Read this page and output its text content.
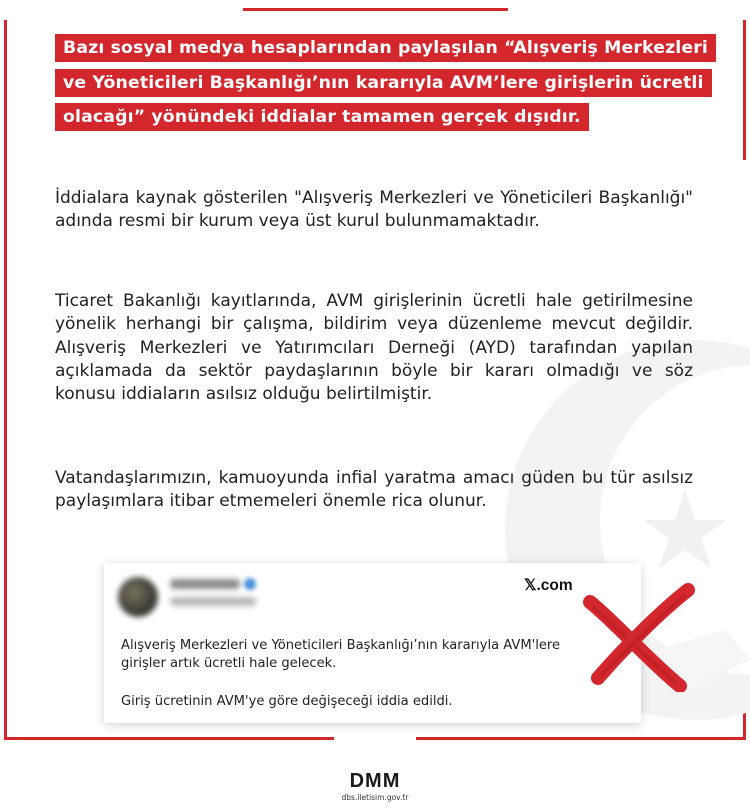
Bazı sosyal medya hesaplarından paylaşılan “Alışveriş Merkezleri ve Yöneticileri Başkanlığı’nın kararıyla AVM’lere girişlerin ücretli olacağı” yönündeki iddialar tamamen gerçek dışıdır.
İddialara kaynak gösterilen "Alışveriş Merkezleri ve Yöneticileri Başkanlığı" adında resmi bir kurum veya üst kurul bulunmamaktadır.
Ticaret Bakanlığı kayıtlarında, AVM girişlerinin ücretli hale getirilmesine yönelik herhangi bir çalışma, bildirim veya düzenleme mevcut değildir. Alışveriş Merkezleri ve Yatırımcıları Derneği (AYD) tarafından yapılan açıklamada da sektör paydaşlarının böyle bir kararı olmadığı ve söz konusu iddiaların asılsız olduğu belirtilmiştir.
Vatandaşlarımızın, kamuoyunda infial yaratma amacı güden bu tür asılsız paylaşımlara itibar etmemeleri önemle rica olunur.
𝕏.com
Alışveriş Merkezleri ve Yöneticileri Başkanlığı’nın kararıyla AVM'lere girişler artık ücretli hale gelecek.
Giriş ücretinin AVM'ye göre değişeceği iddia edildi.
DMM
dbs.iletisim.gov.tr
